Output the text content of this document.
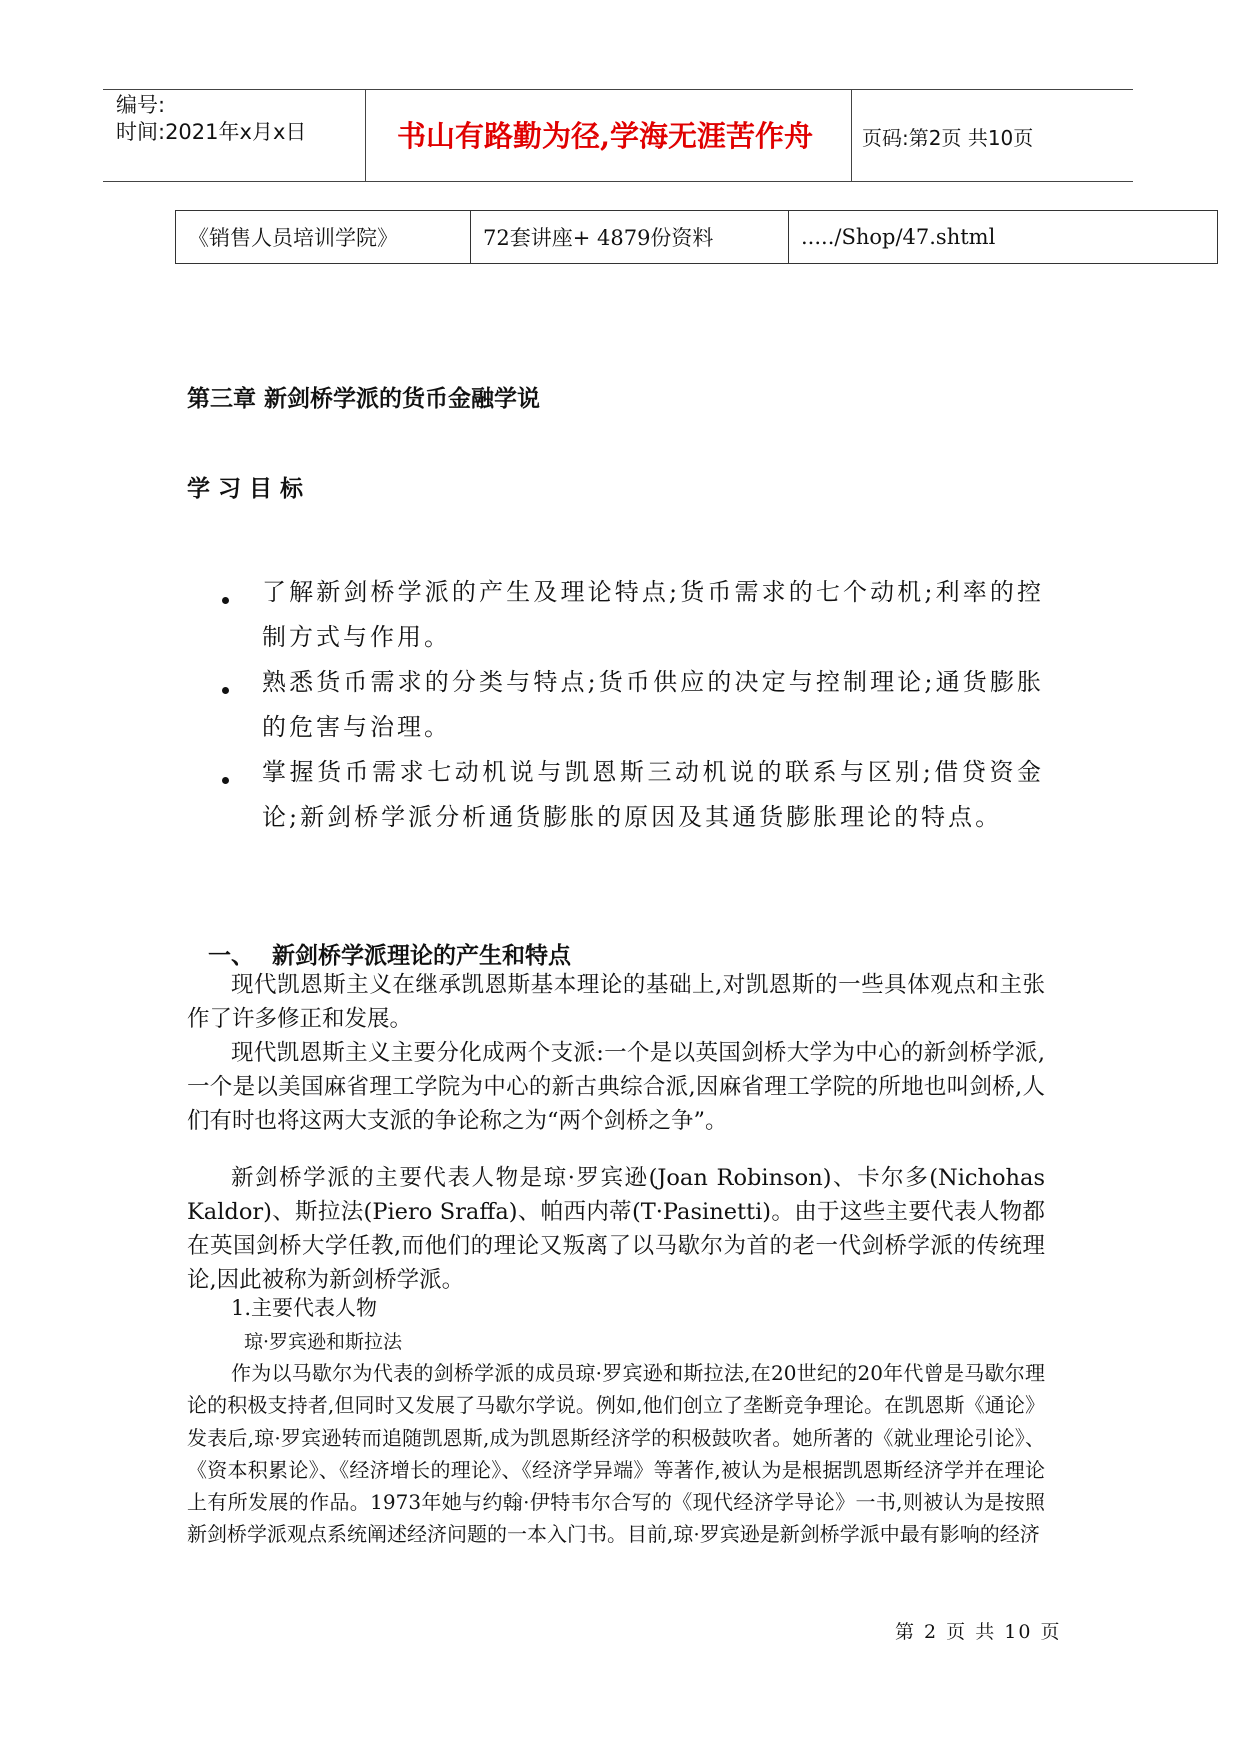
编号:
时间:2021年x月x日	书山有路勤为径,学海无涯苦作舟	页码:第2页 共10页
《销售人员培训学院》	72套讲座+ 4879份资料	...../Shop/47.shtml
第三章 新剑桥学派的货币金融学说
学习目标
了解新剑桥学派的产生及理论特点;货币需求的七个动机;利率的控制方式与作用。
熟悉货币需求的分类与特点;货币供应的决定与控制理论;通货膨胀的危害与治理。
掌握货币需求七动机说与凯恩斯三动机说的联系与区别;借贷资金论;新剑桥学派分析通货膨胀的原因及其通货膨胀理论的特点。
一、 新剑桥学派理论的产生和特点
现代凯恩斯主义在继承凯恩斯基本理论的基础上,对凯恩斯的一些具体观点和主张作了许多修正和发展。
现代凯恩斯主义主要分化成两个支派:一个是以英国剑桥大学为中心的新剑桥学派,一个是以美国麻省理工学院为中心的新古典综合派,因麻省理工学院的所地也叫剑桥,人们有时也将这两大支派的争论称之为“两个剑桥之争”。
新剑桥学派的主要代表人物是琼·罗宾逊(Joan Robinson)、卡尔多(Nichohas Kaldor)、斯拉法(Piero Sraffa)、帕西内蒂(T·Pasinetti)。由于这些主要代表人物都在英国剑桥大学任教,而他们的理论又叛离了以马歇尔为首的老一代剑桥学派的传统理论,因此被称为新剑桥学派。
1.主要代表人物
琼·罗宾逊和斯拉法
作为以马歇尔为代表的剑桥学派的成员琼·罗宾逊和斯拉法,在20世纪的20年代曾是马歇尔理论的积极支持者,但同时又发展了马歇尔学说。例如,他们创立了垄断竞争理论。在凯恩斯《通论》发表后,琼·罗宾逊转而追随凯恩斯,成为凯恩斯经济学的积极鼓吹者。她所著的《就业理论引论》、《资本积累论》、《经济增长的理论》、《经济学异端》等著作,被认为是根据凯恩斯经济学并在理论上有所发展的作品。1973年她与约翰·伊特韦尔合写的《现代经济学导论》一书,则被认为是按照新剑桥学派观点系统阐述经济问题的一本入门书。目前,琼·罗宾逊是新剑桥学派中最有影响的经济
第 2 页 共 10 页
